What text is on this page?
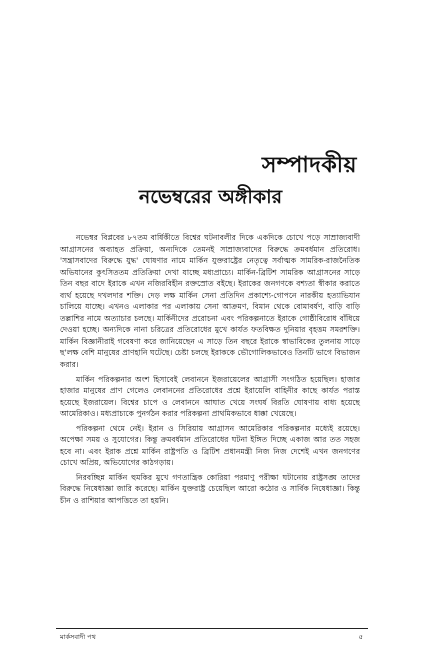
সম্পাদকীয়
নভেম্বরের অঙ্গীকার

নভেম্বর বিপ্লবের ৮৭তম বার্ষিকীতে বিশ্বের ঘটনাবলীর দিকে একদিকে চোখে পড়ে সাম্রাজ্যবাদী আগ্রাসনের অব্যাহত প্রক্রিয়া, অন্যদিকে তেমনই সাম্রাজ্যবাদের বিরুদ্ধে ক্রমবর্ধমান প্রতিরোধ। 'সন্ত্রাসবাদের বিরুদ্ধে যুদ্ধ' ঘোষণার নামে মার্কিন যুক্তরাষ্ট্রের নেতৃত্বে সর্বাত্মক সামরিক-রাজনৈতিক অভিযানের কুৎসিততম প্রতিক্রিয়া দেখা যাচ্ছে মধ্যপ্রাচ্যে। মার্কিন-ব্রিটিশ সামরিক আগ্রাসনের সাড়ে তিন বছর বাদে ইরাকে এখন নজিরবিহীন রক্তস্রোত বইছে। ইরাকের জনগণকে বশ্যতা স্বীকার করাতে ব্যর্থ হয়েছে দখলদার শক্তি। দেড় লক্ষ মার্কিন সেনা প্রতিদিন প্রকাশ্যে-গোপনে নারকীয় হত্যাভিযান চালিয়ে যাচ্ছে। এখনও এলাকার পর এলাকায় সেনা আক্রমণ, বিমান থেকে বোমাবর্ষণ, বাড়ি বাড়ি তল্লাশির নামে অত্যাচার চলছে। মার্কিনীদের প্ররোচনা এবং পরিকল্পনাতে ইরাকে গোষ্ঠীবিরোধ বাঁধিয়ে দেওয়া হচ্ছে। অন্যদিকে নানা চরিত্রের প্রতিরোধের মুখে কার্যত ফতবিক্ষত দুনিয়ার বৃহত্তম সমরশক্তি। মার্কিন বিজ্ঞানীরাই গবেষণা করে জানিয়েছেন এ সাড়ে তিন বছরে ইরাকে স্বাভাবিকের তুলনায় সাড়ে ছ'লক্ষ বেশি মানুষের প্রাণহানি ঘটেছে। চেষ্টা চলছে ইরাককে ভৌগোলিকভাবেও তিনটি ভাগে বিভাজন করার।

মার্কিন পরিকল্পনার অংশ হিসাবেই লেবাননে ইজরায়েলের আগ্রাসী সংগঠিত হয়েছিল। হাজার হাজার মানুষের প্রাণ গেলেও লেবাননের প্রতিরোধের প্রশ্নে ইরায়েলি বাহিনীর কাছে কার্যত পরাস্ত হয়েছে ইজরায়েল। বিশ্বের চাপে ও লেবাননে আঘাত খেয়ে সংঘর্ষ বিরতি ঘোষণায় বাধ্য হয়েছে আমেরিকাও। মধ্যপ্রাচ্যকে পুনর্গঠন করার পরিকল্পনা প্রাথমিকভাবে ধাক্কা খেয়েছে।

পরিকল্পনা থেমে নেই। ইরান ও সিরিয়ায় আগ্রাসন আমেরিকার পরিকল্পনার মধ্যেই রয়েছে। অপেক্ষা সময় ও সুযোগের। কিন্তু ক্রমবর্ধমান প্রতিরোধের ঘটনা ইঙ্গিত দিচ্ছে একাজ আর তত সহজ হবে না। এবং ইরাক প্রশ্নে মার্কিন রাষ্ট্রপতি ও ব্রিটিশ প্রধানমন্ত্রী নিজ নিজ দেশেই এখন জনগণের চোখে অপ্রিয়, অভিযোগের কাঠগড়ায়।

নিরবচ্ছিন্ন মার্কিন হুমকির মুখে গণতান্ত্রিক কোরিয়া পরমাণু পরীক্ষা ঘটানোয় রাষ্ট্রসঙ্ঘ তাদের বিরুদ্ধে নিষেধাজ্ঞা জারি করেছে। মার্কিন যুক্তরাষ্ট্র চেয়েছিল আরো কঠোর ও সার্বিক নিষেধাজ্ঞা। কিন্তু চীন ও রাশিয়ার আপত্তিতে তা হয়নি।

মার্কসবাদী পথ	৫
